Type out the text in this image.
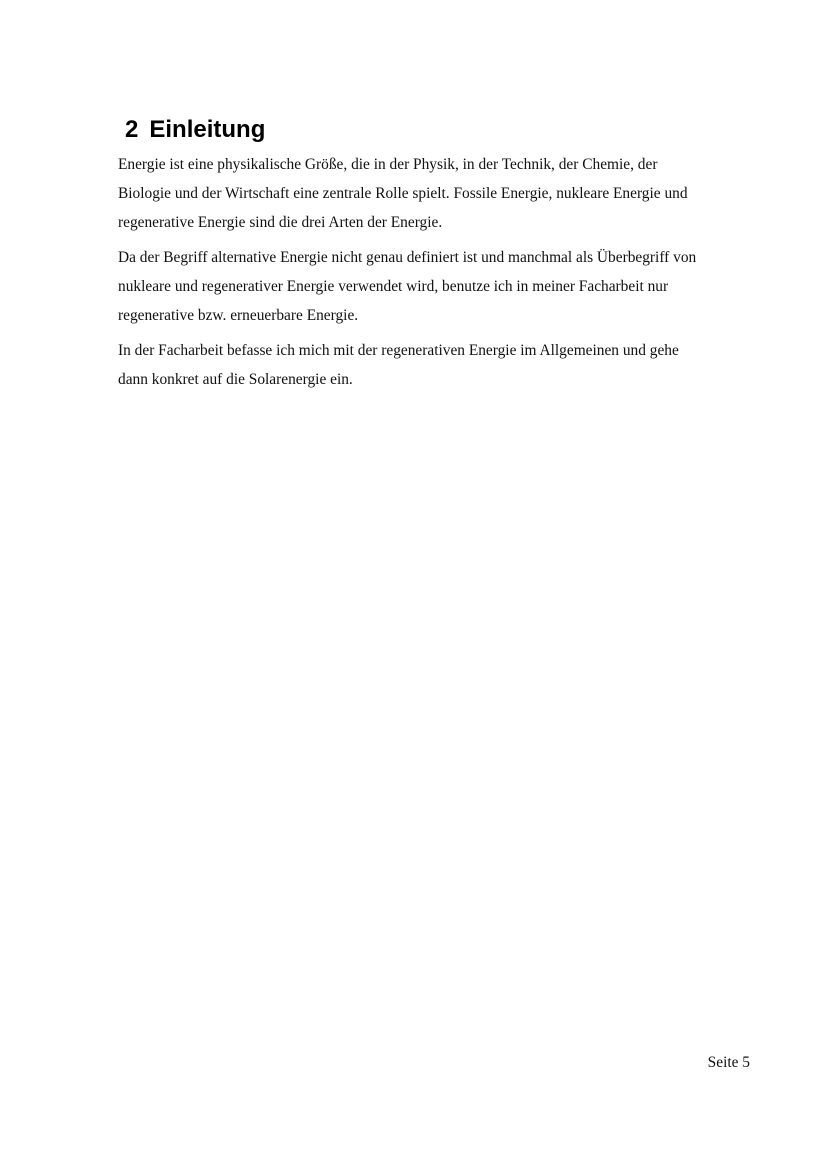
2 Einleitung

Energie ist eine physikalische Größe, die in der Physik, in der Technik, der Chemie, der
Biologie und der Wirtschaft eine zentrale Rolle spielt. Fossile Energie, nukleare Energie und
regenerative Energie sind die drei Arten der Energie.

Da der Begriff alternative Energie nicht genau definiert ist und manchmal als Überbegriff von
nukleare und regenerativer Energie verwendet wird, benutze ich in meiner Facharbeit nur
regenerative bzw. erneuerbare Energie.

In der Facharbeit befasse ich mich mit der regenerativen Energie im Allgemeinen und gehe
dann konkret auf die Solarenergie ein.

Seite 5
